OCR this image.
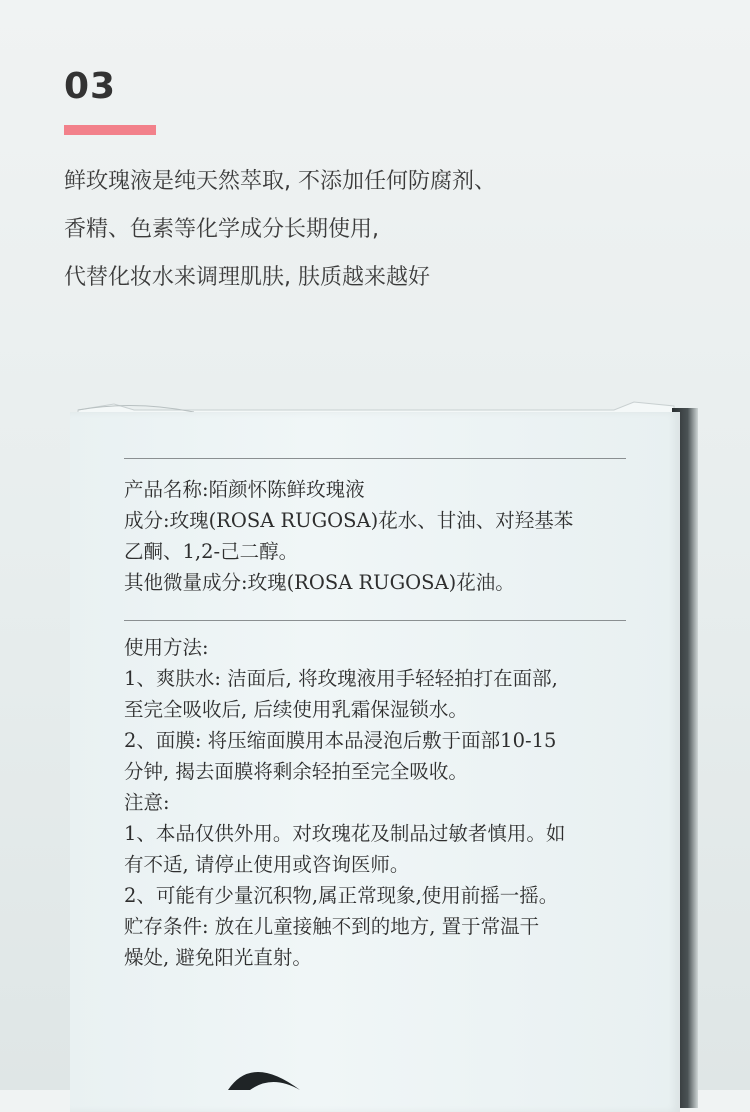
03
鲜玫瑰液是纯天然萃取, 不添加任何防腐剂、
香精、色素等化学成分长期使用,
代替化妆水来调理肌肤, 肤质越来越好
产品名称:陌颜怀陈鲜玫瑰液
成分:玫瑰(ROSA RUGOSA)花水、甘油、对羟基苯
乙酮、1,2-己二醇。
其他微量成分:玫瑰(ROSA RUGOSA)花油。
使用方法:
1、爽肤水: 洁面后, 将玫瑰液用手轻轻拍打在面部,
至完全吸收后, 后续使用乳霜保湿锁水。
2、面膜: 将压缩面膜用本品浸泡后敷于面部10-15
分钟, 揭去面膜将剩余轻拍至完全吸收。
注意:
1、本品仅供外用。对玫瑰花及制品过敏者慎用。如
有不适, 请停止使用或咨询医师。
2、可能有少量沉积物,属正常现象,使用前摇一摇。
贮存条件: 放在儿童接触不到的地方, 置于常温干
燥处, 避免阳光直射。
